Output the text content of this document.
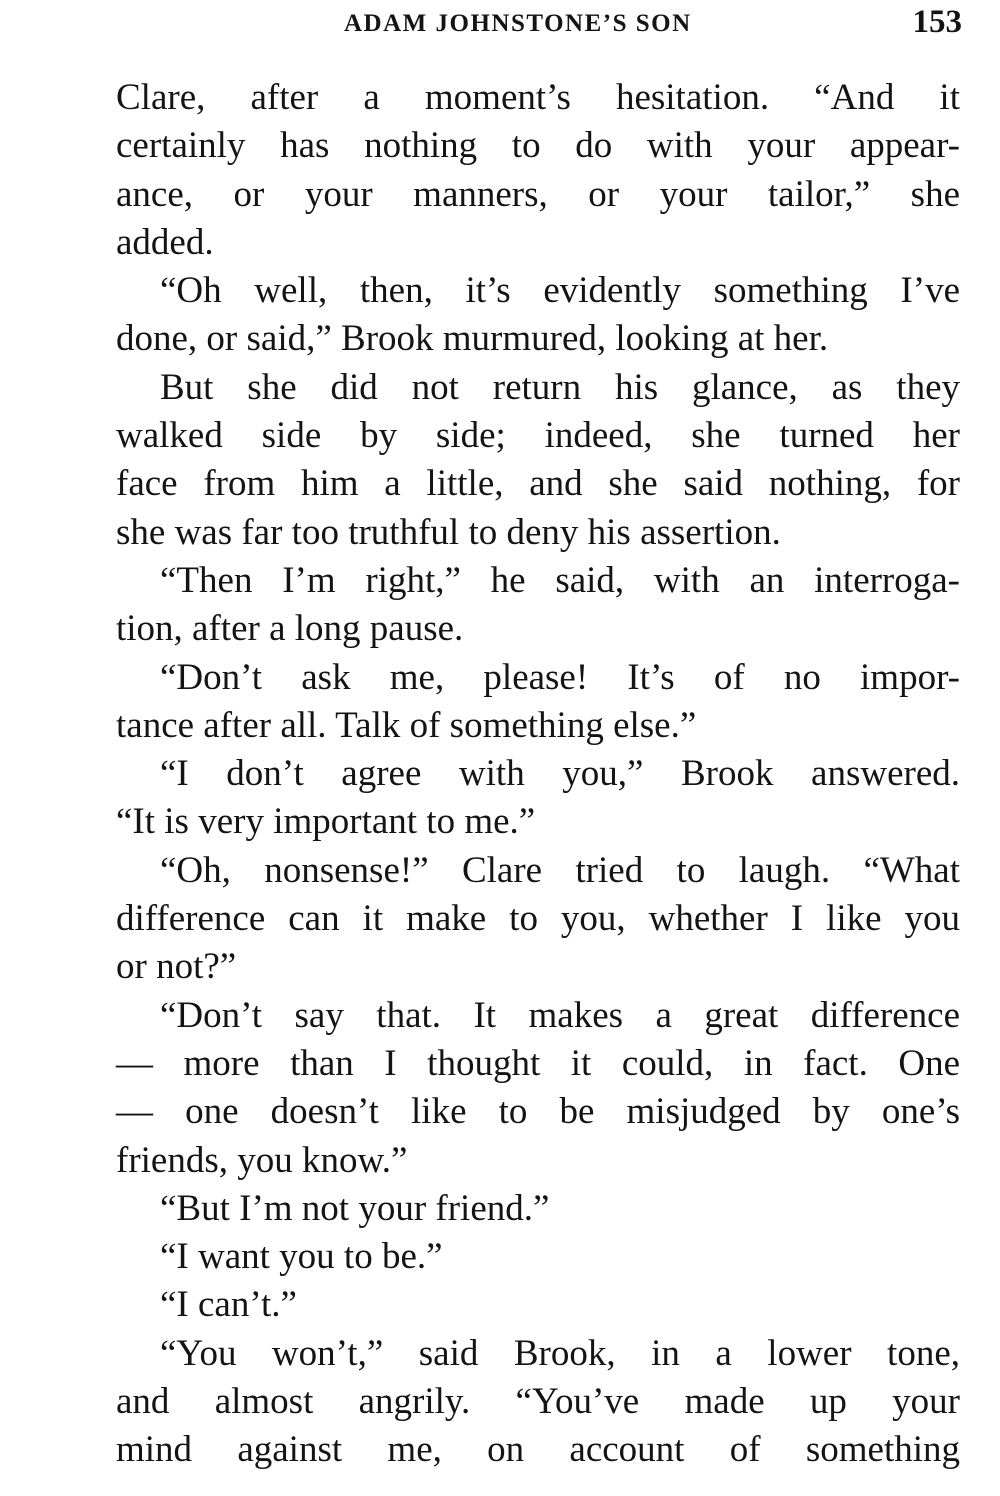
ADAM JOHNSTONE’S SON	153
Clare, after a moment’s hesitation. “And it
certainly has nothing to do with your appear-
ance, or your manners, or your tailor,” she
added.
“Oh well, then, it’s evidently something I’ve
done, or said,” Brook murmured, looking at her.
But she did not return his glance, as they
walked side by side; indeed, she turned her
face from him a little, and she said nothing, for
she was far too truthful to deny his assertion.
“Then I’m right,” he said, with an interroga-
tion, after a long pause.
“Don’t ask me, please! It’s of no impor-
tance after all. Talk of something else.”
“I don’t agree with you,” Brook answered.
“It is very important to me.”
“Oh, nonsense!” Clare tried to laugh. “What
difference can it make to you, whether I like you
or not?”
“Don’t say that. It makes a great difference
— more than I thought it could, in fact. One
— one doesn’t like to be misjudged by one’s
friends, you know.”
“But I’m not your friend.”
“I want you to be.”
“I can’t.”
“You won’t,” said Brook, in a lower tone,
and almost angrily. “You’ve made up your
mind against me, on account of something
